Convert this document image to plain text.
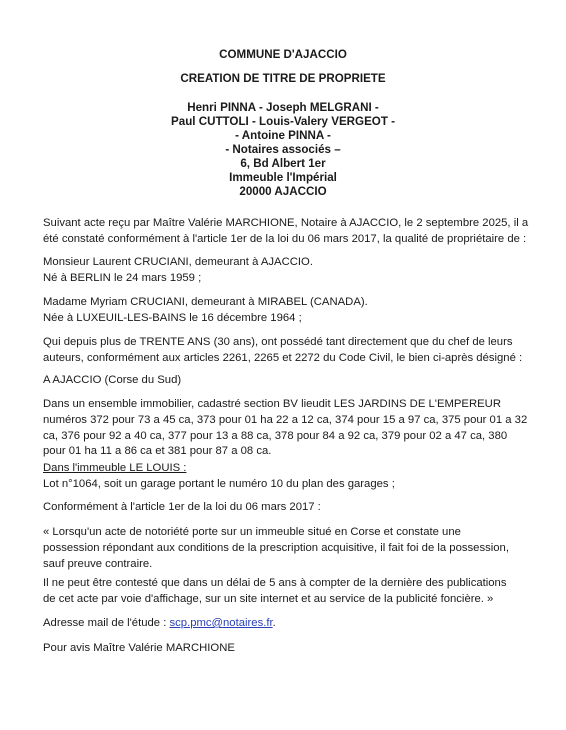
COMMUNE D'AJACCIO
CREATION DE TITRE DE PROPRIETE
Henri PINNA - Joseph MELGRANI -
Paul CUTTOLI - Louis-Valery VERGEOT -
- Antoine PINNA -
- Notaires associés –
6, Bd Albert 1er
Immeuble l'Impérial
20000 AJACCIO
Suivant acte reçu par Maître Valérie MARCHIONE, Notaire à AJACCIO, le 2 septembre 2025, il a
été constaté conformément à l'article 1er de la loi du 06 mars 2017, la qualité de propriétaire de :
Monsieur Laurent CRUCIANI, demeurant à AJACCIO.
Né à BERLIN le 24 mars 1959 ;
Madame Myriam CRUCIANI, demeurant à MIRABEL (CANADA).
Née à LUXEUIL-LES-BAINS le 16 décembre 1964 ;
Qui depuis plus de TRENTE ANS (30 ans), ont possédé tant directement que du chef de leurs
auteurs, conformément aux articles 2261, 2265 et 2272 du Code Civil, le bien ci-après désigné :
A AJACCIO (Corse du Sud)
Dans un ensemble immobilier, cadastré section BV lieudit LES JARDINS DE L'EMPEREUR
numéros 372 pour 73 a 45 ca, 373 pour 01 ha 22 a 12 ca, 374 pour 15 a 97 ca, 375 pour 01 a 32
ca, 376 pour 92 a 40 ca, 377 pour 13 a 88 ca, 378 pour 84 a 92 ca, 379 pour 02 a 47 ca, 380
pour 01 ha 11 a 86 ca et 381 pour 87 a 08 ca.
Dans l'immeuble LE LOUIS :
Lot n°1064, soit un garage portant le numéro 10 du plan des garages ;
Conformément à l'article 1er de la loi du 06 mars 2017 :
« Lorsqu'un acte de notoriété porte sur un immeuble situé en Corse et constate une
possession répondant aux conditions de la prescription acquisitive, il fait foi de la possession,
sauf preuve contraire.
Il ne peut être contesté que dans un délai de 5 ans à compter de la dernière des publications
de cet acte par voie d'affichage, sur un site internet et au service de la publicité foncière. »
Adresse mail de l'étude : scp.pmc@notaires.fr.
Pour avis Maître Valérie MARCHIONE
